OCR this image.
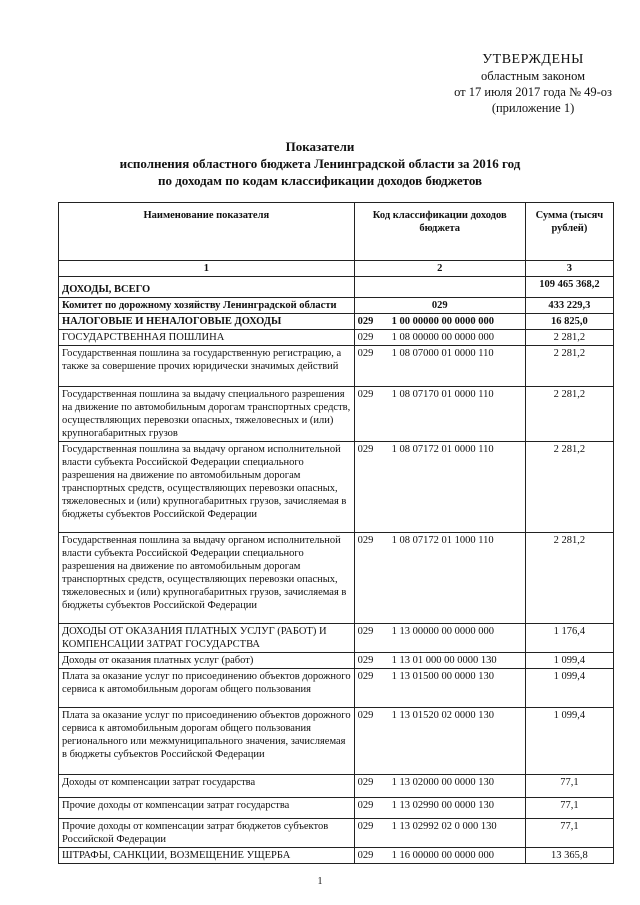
УТВЕРЖДЕНЫ
областным законом
от 17 июля 2017 года № 49-оз
(приложение 1)
Показатели
исполнения областного бюджета Ленинградской области за 2016 год
по доходам по кодам классификации доходов бюджетов
Наименование показателя	Код классификации доходов бюджета	Сумма (тысяч рублей)
1	2	3
ДОХОДЫ, ВСЕГО		109 465 368,2
Комитет по дорожному хозяйству Ленинградской области	029	433 229,3
НАЛОГОВЫЕ И НЕНАЛОГОВЫЕ ДОХОДЫ	029 1 00 00000 00 0000 000	16 825,0
ГОСУДАРСТВЕННАЯ ПОШЛИНА	029 1 08 00000 00 0000 000	2 281,2
Государственная пошлина за государственную регистрацию, а также за совершение прочих юридически значимых действий	029 1 08 07000 01 0000 110	2 281,2
Государственная пошлина за выдачу специального разрешения на движение по автомобильным дорогам транспортных средств, осуществляющих перевозки опасных, тяжеловесных и (или) крупногабаритных грузов	029 1 08 07170 01 0000 110	2 281,2
Государственная пошлина за выдачу органом исполнительной власти субъекта Российской Федерации специального разрешения на движение по автомобильным дорогам транспортных средств, осуществляющих перевозки опасных, тяжеловесных и (или) крупногабаритных грузов, зачисляемая в бюджеты субъектов Российской Федерации	029 1 08 07172 01 0000 110	2 281,2
Государственная пошлина за выдачу органом исполнительной власти субъекта Российской Федерации специального разрешения на движение по автомобильным дорогам транспортных средств, осуществляющих перевозки опасных, тяжеловесных и (или) крупногабаритных грузов, зачисляемая в бюджеты субъектов Российской Федерации	029 1 08 07172 01 1000 110	2 281,2
ДОХОДЫ ОТ ОКАЗАНИЯ ПЛАТНЫХ УСЛУГ (РАБОТ) И КОМПЕНСАЦИИ ЗАТРАТ ГОСУДАРСТВА	029 1 13 00000 00 0000 000	1 176,4
Доходы от оказания платных услуг (работ)	029 1 13 01 000 00 0000 130	1 099,4
Плата за оказание услуг по присоединению объектов дорожного сервиса к автомобильным дорогам общего пользования	029 1 13 01500 00 0000 130	1 099,4
Плата за оказание услуг по присоединению объектов дорожного сервиса к автомобильным дорогам общего пользования регионального или межмуниципального значения, зачисляемая в бюджеты субъектов Российской Федерации	029 1 13 01520 02 0000 130	1 099,4
Доходы от компенсации затрат государства	029 1 13 02000 00 0000 130	77,1
Прочие доходы от компенсации затрат государства	029 1 13 02990 00 0000 130	77,1
Прочие доходы от компенсации затрат бюджетов субъектов Российской Федерации	029 1 13 02992 02 0 000 130	77,1
ШТРАФЫ, САНКЦИИ, ВОЗМЕЩЕНИЕ УЩЕРБА	029 1 16 00000 00 0000 000	13 365,8
1
